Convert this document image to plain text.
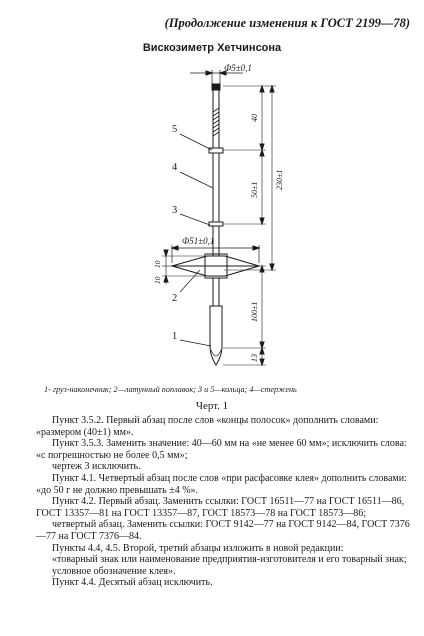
(Продолжение изменения к ГОСТ 2199—78)
Вискозиметр Хетчинсона
Ф5±0,1
Ф51±0,1
40
50±1 230±1
100±1
13
10
10
5
4
3
2
1
1- груз-наконечник; 2—латунный поплавок; 3 и 5—кольца; 4—стержень
Черт. 1

Пункт 3.5.2. Первый абзац после слов «концы полосок» дополнить словами: «размером (40±1) мм».

Пункт 3.5.3. Заменить значение: 40—60 мм на «не менее 60 мм»; исключить слова: «с погрешностью не более 0,5 мм»;

чертеж 3 исключить.

Пункт 4.1. Четвертый абзац после слов «при расфасовке клея» дополнить словами: «до 50 г не должно превышать ±4 %».

Пункт 4.2. Первый абзац. Заменить ссылки: ГОСТ 16511—77 на ГОСТ 16511—86, ГОСТ 13357—81 на ГОСТ 13357—87, ГОСТ 18573—78 на ГОСТ 18573—86;

четвертый абзац. Заменить ссылки: ГОСТ 9142—77 на ГОСТ 9142—84, ГОСТ 7376—77 на ГОСТ 7376—84.

Пункты 4.4, 4.5. Второй, третий абзацы изложить в новой редакции:

«товарный знак или наименование предприятия-изготовителя и его товарный знак;

условное обозначение клея».

Пункт 4.4. Десятый абзац исключить.
